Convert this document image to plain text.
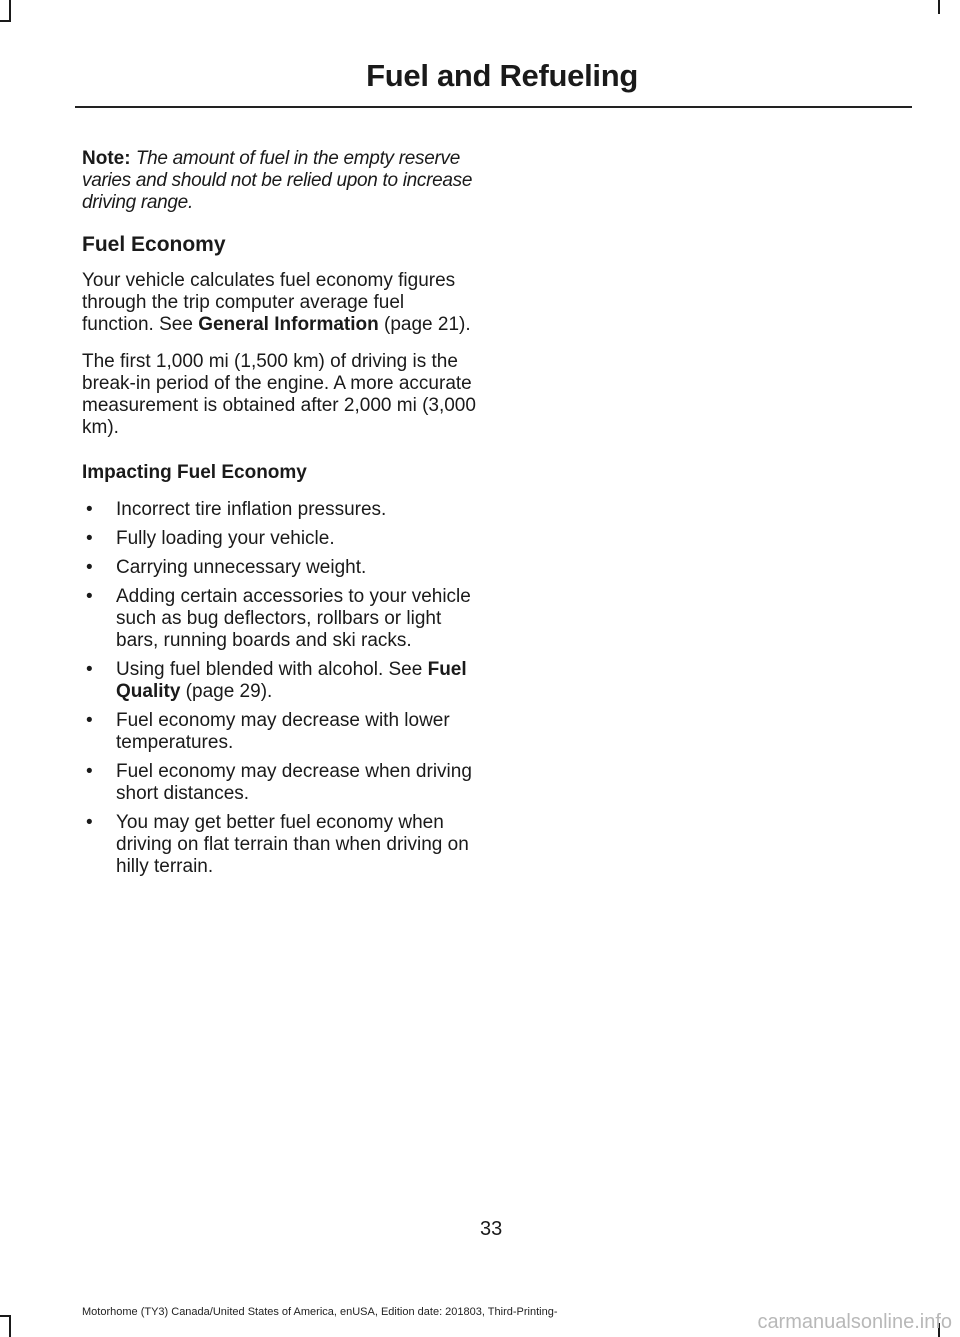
Fuel and Refueling

Note: The amount of fuel in the empty reserve varies and should not be relied upon to increase driving range.

Fuel Economy

Your vehicle calculates fuel economy figures through the trip computer average fuel function. See General Information (page 21).

The first 1,000 mi (1,500 km) of driving is the break-in period of the engine. A more accurate measurement is obtained after 2,000 mi (3,000 km).

Impacting Fuel Economy
• Incorrect tire inflation pressures.
• Fully loading your vehicle.
• Carrying unnecessary weight.
• Adding certain accessories to your vehicle such as bug deflectors, rollbars or light bars, running boards and ski racks.
• Using fuel blended with alcohol. See Fuel Quality (page 29).
• Fuel economy may decrease with lower temperatures.
• Fuel economy may decrease when driving short distances.
• You may get better fuel economy when driving on flat terrain than when driving on hilly terrain.
33
Motorhome (TY3) Canada/United States of America, enUSA, Edition date: 201803, Third-Printing-	carmanualsonline.info
